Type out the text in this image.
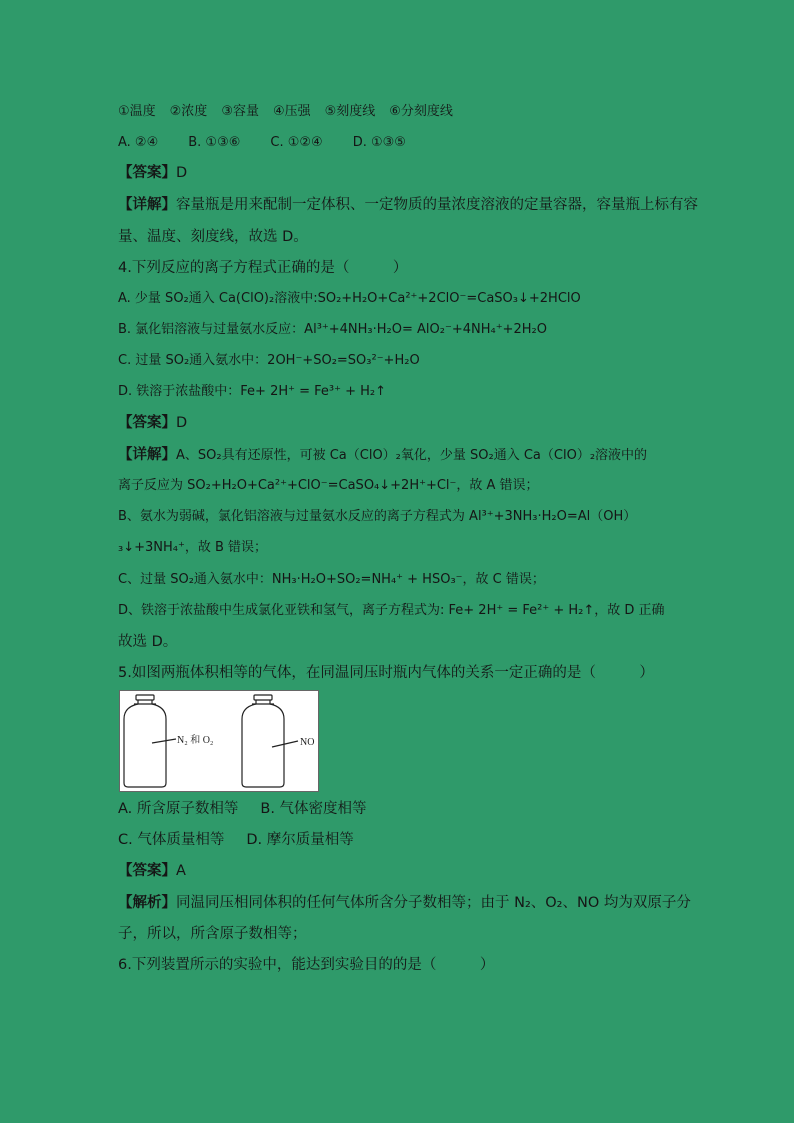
①温度 ②浓度 ③容量 ④压强 ⑤刻度线 ⑥分刻度线
A. ②④ B. ①③⑥ C. ①②④ D. ①③⑤
【答案】D
【详解】容量瓶是用来配制一定体积、一定物质的量浓度溶液的定量容器，容量瓶上标有容
量、温度、刻度线，故选 D。
4.下列反应的离子方程式正确的是（　　　）
A. 少量 SO₂通入 Ca(ClO)₂溶液中:SO₂+H₂O+Ca²⁺+2ClO⁻=CaSO₃↓+2HClO
B. 氯化铝溶液与过量氨水反应：Al³⁺+4NH₃·H₂O= AlO₂⁻+4NH₄⁺+2H₂O
C. 过量 SO₂通入氨水中：2OH⁻+SO₂=SO₃²⁻+H₂O
D. 铁溶于浓盐酸中：Fe+ 2H⁺ = Fe³⁺ + H₂↑
【答案】D
【详解】A、SO₂具有还原性，可被 Ca（ClO）₂氧化，少量 SO₂通入 Ca（ClO）₂溶液中的
离子反应为 SO₂+H₂O+Ca²⁺+ClO⁻=CaSO₄↓+2H⁺+Cl⁻，故 A 错误；
B、氨水为弱碱，氯化铝溶液与过量氨水反应的离子方程式为 Al³⁺+3NH₃·H₂O=Al（OH）
₃↓+3NH₄⁺，故 B 错误；
C、过量 SO₂通入氨水中：NH₃·H₂O+SO₂=NH₄⁺ + HSO₃⁻，故 C 错误；
D、铁溶于浓盐酸中生成氯化亚铁和氢气，离子方程式为: Fe+ 2H⁺ = Fe²⁺ + H₂↑，故 D 正确
故选 D。
5.如图两瓶体积相等的气体，在同温同压时瓶内气体的关系一定正确的是（　　　）
N₂ 和 O₂	NO
A. 所含原子数相等 B. 气体密度相等
C. 气体质量相等 D. 摩尔质量相等
【答案】A
【解析】同温同压相同体积的任何气体所含分子数相等；由于 N₂、O₂、NO 均为双原子分
子，所以，所含原子数相等；
6.下列装置所示的实验中，能达到实验目的的是（　　　）
